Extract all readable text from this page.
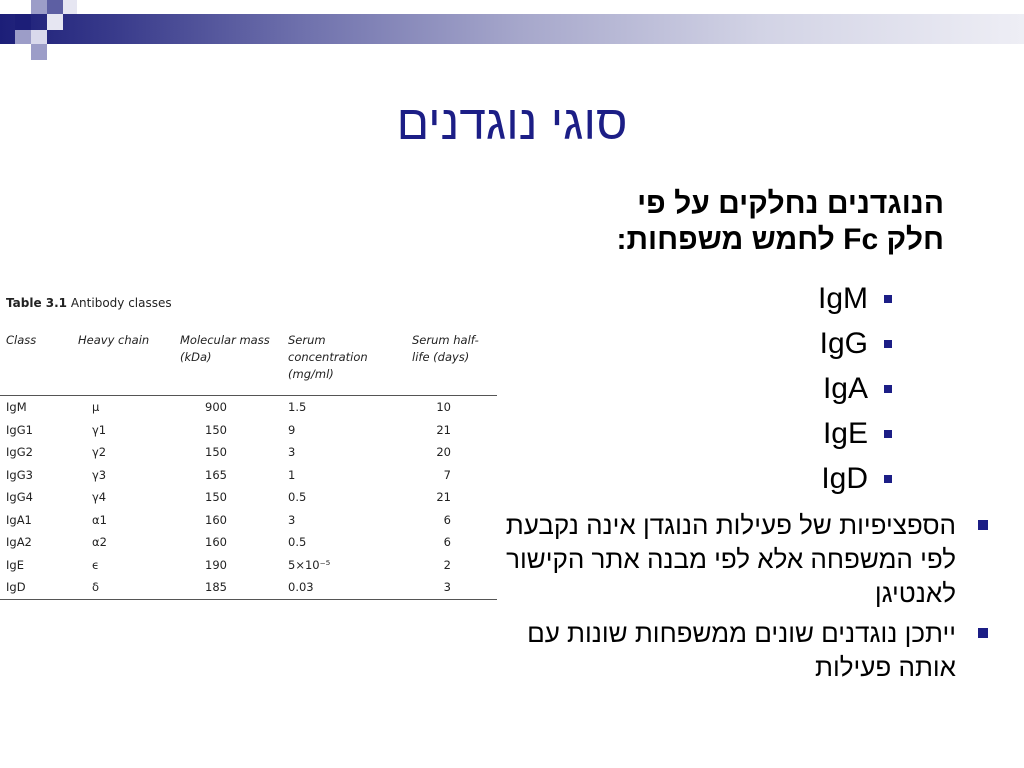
סוגי נוגדנים
הנוגדנים נחלקים על פי
חלק Fc לחמש משפחות:
IgM
IgG
IgA
IgE
IgD
הספציפיות של פעילות הנוגדן אינה נקבעת לפי המשפחה אלא לפי מבנה אתר הקישור לאנטיגן
ייתכן נוגדנים שונים ממשפחות שונות עם אותה פעילות
Table 3.1 Antibody classes
Class	Heavy chain	Molecular mass (kDa)	Serum concentration (mg/ml)	Serum half-life (days)
IgM	μ	900	1.5	10
IgG1	γ1	150	9	21
IgG2	γ2	150	3	20
IgG3	γ3	165	1	7
IgG4	γ4	150	0.5	21
IgA1	α1	160	3	6
IgA2	α2	160	0.5	6
IgE	ϵ	190	5×10⁻⁵	2
IgD	δ	185	0.03	3
